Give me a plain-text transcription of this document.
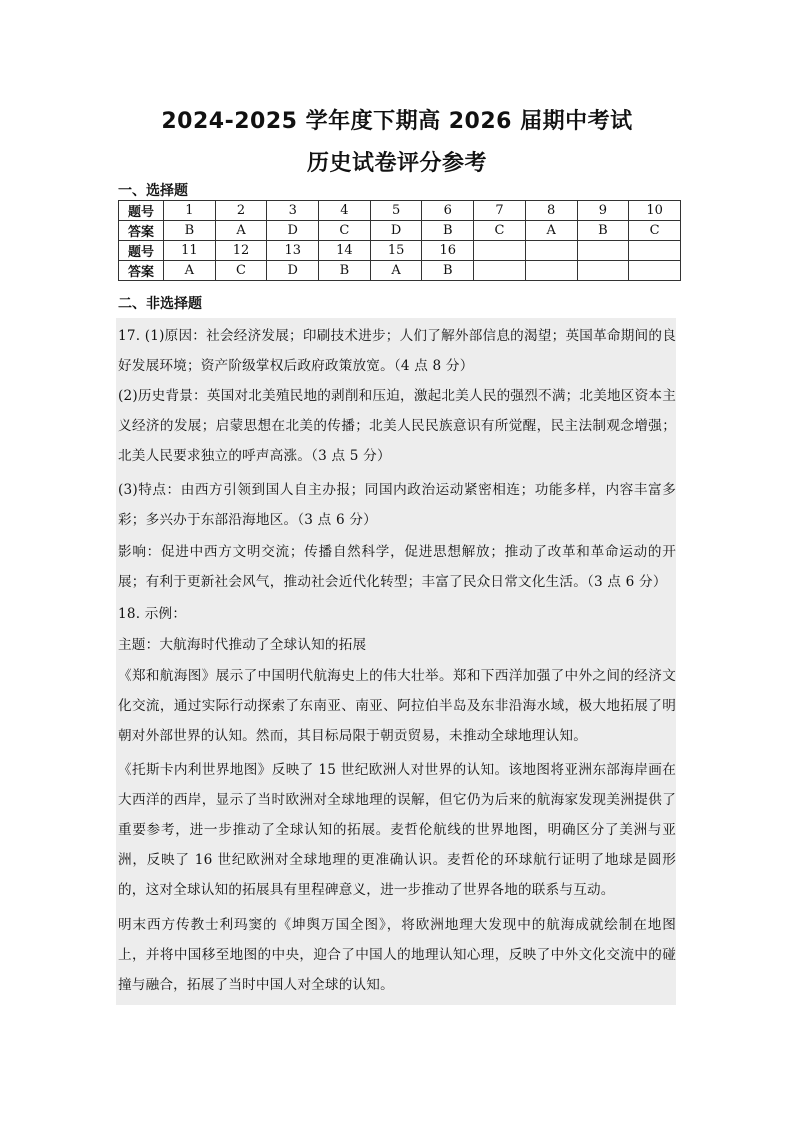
2024-2025 学年度下期高 2026 届期中考试
历史试卷评分参考
一、选择题
题号	1	2	3	4	5	6	7	8	9	10
答案	B	A	D	C	D	B	C	A	B	C
题号	11	12	13	14	15	16				
答案	A	C	D	B	A	B				
二、非选择题
17. (1)原因：社会经济发展；印刷技术进步；人们了解外部信息的渴望；英国革命期间的良好发展环境；资产阶级掌权后政府政策放宽。（4 点 8 分）
(2)历史背景：英国对北美殖民地的剥削和压迫，激起北美人民的强烈不满；北美地区资本主义经济的发展；启蒙思想在北美的传播；北美人民民族意识有所觉醒，民主法制观念增强；北美人民要求独立的呼声高涨。（3 点 5 分）
(3)特点：由西方引领到国人自主办报；同国内政治运动紧密相连；功能多样，内容丰富多彩；多兴办于东部沿海地区。（3 点 6 分）
影响：促进中西方文明交流；传播自然科学，促进思想解放；推动了改革和革命运动的开展；有利于更新社会风气，推动社会近代化转型；丰富了民众日常文化生活。（3 点 6 分）
18. 示例：
主题：大航海时代推动了全球认知的拓展
《郑和航海图》展示了中国明代航海史上的伟大壮举。郑和下西洋加强了中外之间的经济文化交流，通过实际行动探索了东南亚、南亚、阿拉伯半岛及东非沿海水域，极大地拓展了明朝对外部世界的认知。然而，其目标局限于朝贡贸易，未推动全球地理认知。
《托斯卡内利世界地图》反映了 15 世纪欧洲人对世界的认知。该地图将亚洲东部海岸画在大西洋的西岸，显示了当时欧洲对全球地理的误解，但它仍为后来的航海家发现美洲提供了重要参考，进一步推动了全球认知的拓展。麦哲伦航线的世界地图，明确区分了美洲与亚洲，反映了 16 世纪欧洲对全球地理的更准确认识。麦哲伦的环球航行证明了地球是圆形的，这对全球认知的拓展具有里程碑意义，进一步推动了世界各地的联系与互动。
明末西方传教士利玛窦的《坤舆万国全图》，将欧洲地理大发现中的航海成就绘制在地图上，并将中国移至地图的中央，迎合了中国人的地理认知心理，反映了中外文化交流中的碰撞与融合，拓展了当时中国人对全球的认知。
